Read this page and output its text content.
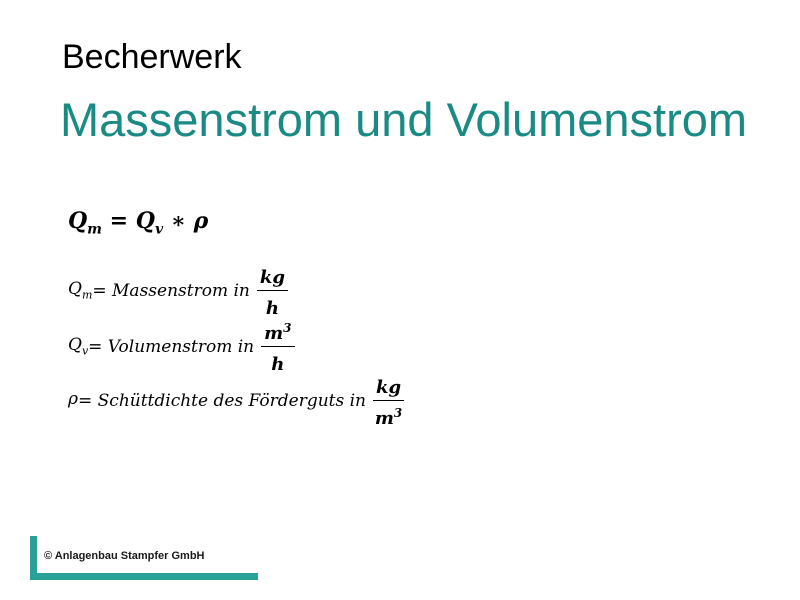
Becherwerk
Massenstrom und Volumenstrom
$Q_m = Q_v$ ∗ ρ
$Q_m$ = Massenstrom in $\frac{kg}{h}$
$Q_v$ = Volumenstrom in $\frac{m^3}{h}$
ρ = Schüttdichte des Förderguts in $\frac{kg}{m^3}$
© Anlagenbau Stampfer GmbH
